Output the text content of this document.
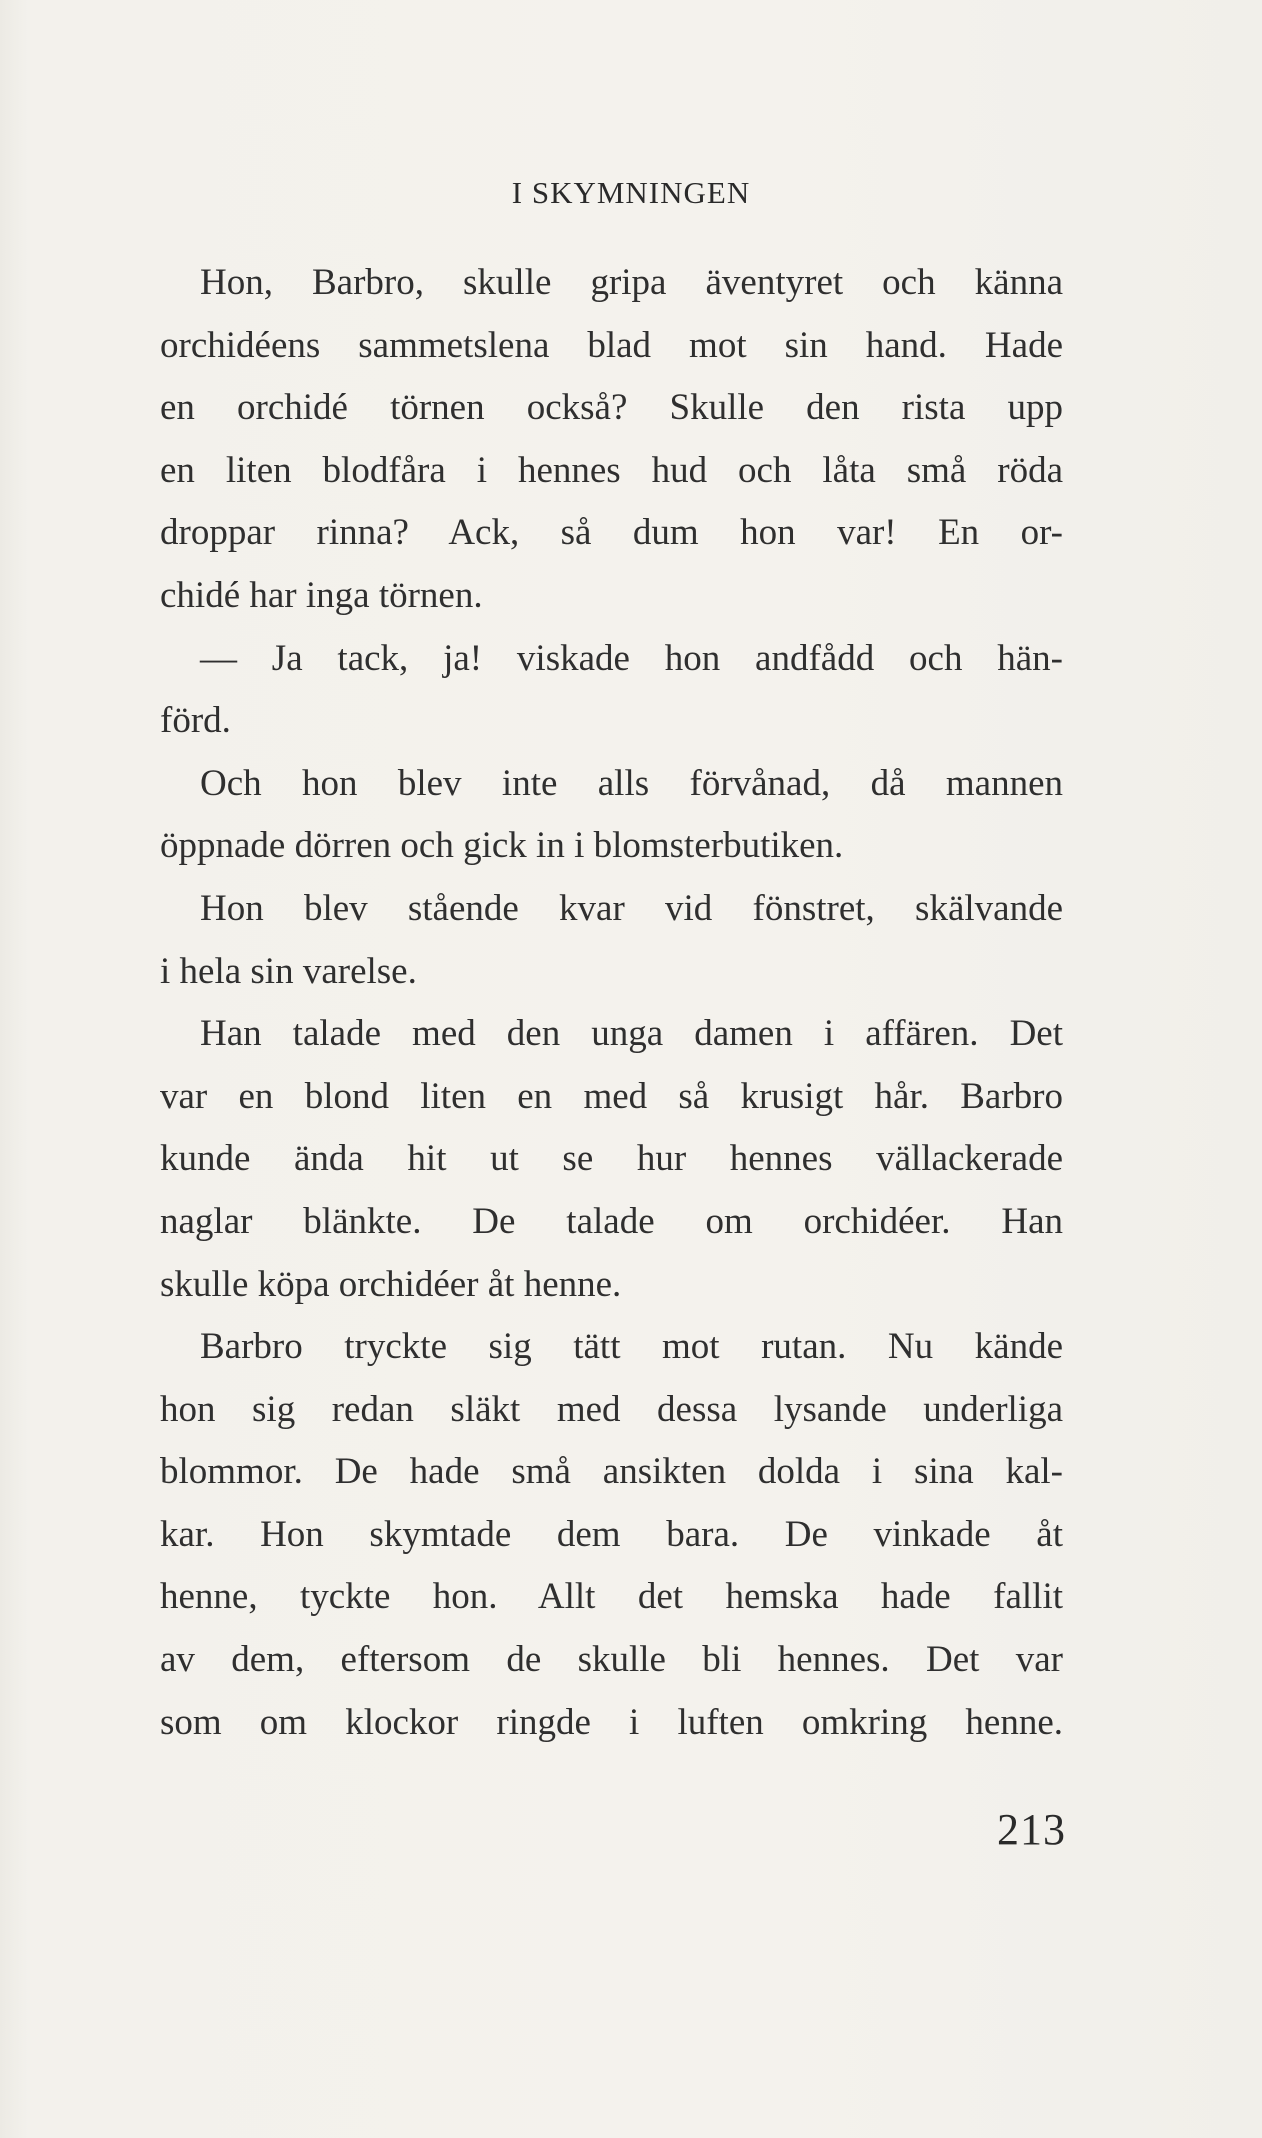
I SKYMNINGEN
Hon, Barbro, skulle gripa äventyret och känna
orchidéens sammetslena blad mot sin hand. Hade
en orchidé törnen också? Skulle den rista upp
en liten blodfåra i hennes hud och låta små röda
droppar rinna? Ack, så dum hon var! En or-
chidé har inga törnen.
— Ja tack, ja! viskade hon andfådd och hän-
förd.
Och hon blev inte alls förvånad, då mannen
öppnade dörren och gick in i blomsterbutiken.
Hon blev stående kvar vid fönstret, skälvande
i hela sin varelse.
Han talade med den unga damen i affären. Det
var en blond liten en med så krusigt hår. Barbro
kunde ända hit ut se hur hennes vällackerade
naglar blänkte. De talade om orchidéer. Han
skulle köpa orchidéer åt henne.
Barbro tryckte sig tätt mot rutan. Nu kände
hon sig redan släkt med dessa lysande underliga
blommor. De hade små ansikten dolda i sina kal-
kar. Hon skymtade dem bara. De vinkade åt
henne, tyckte hon. Allt det hemska hade fallit
av dem, eftersom de skulle bli hennes. Det var
som om klockor ringde i luften omkring henne.
213
